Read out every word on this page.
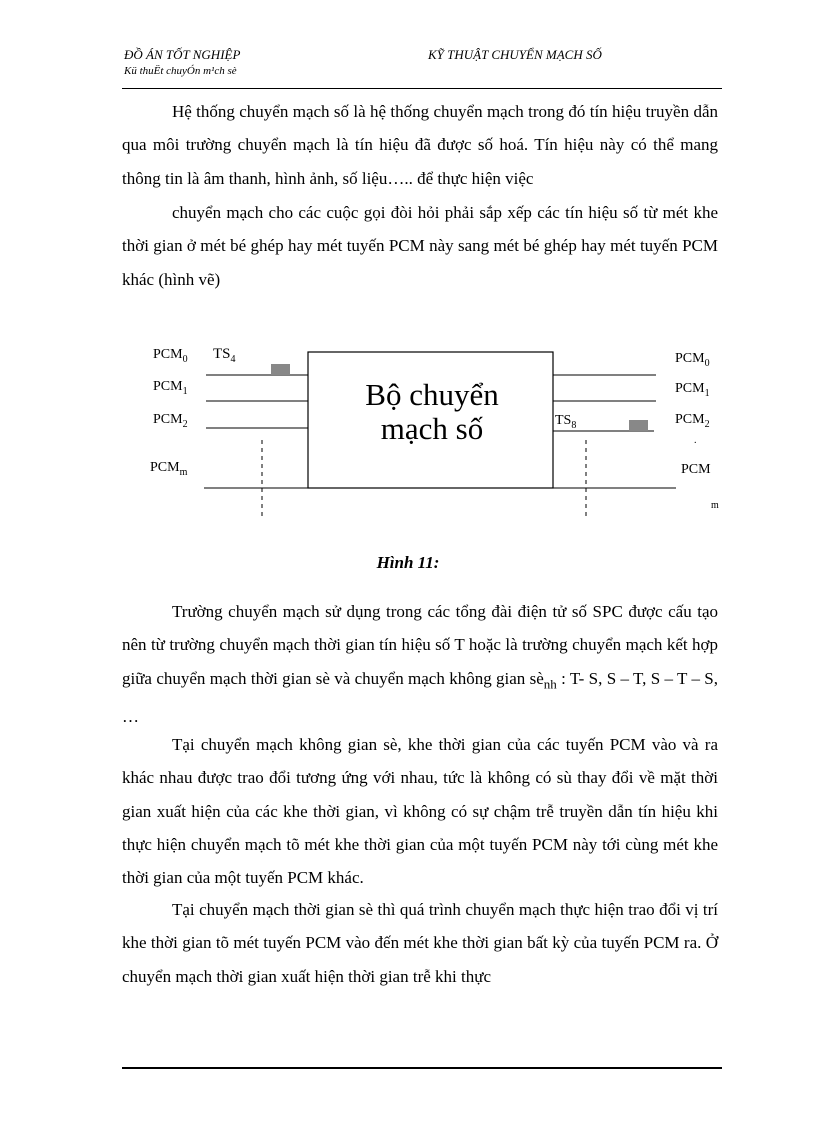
ĐỒ ÁN TỐT NGHIỆP
Kü thuËt chuyÓn m¹ch sè
KỸ THUẬT CHUYỂN MẠCH SỐ

Hệ thống chuyển mạch số là hệ thống chuyển mạch trong đó tín hiệu truyền dẫn qua môi trường chuyển mạch là tín hiệu đã được số hoá. Tín hiệu này có thể mang thông tin là âm thanh, hình ảnh, số liệu….. để thực hiện việc

chuyển mạch cho các cuộc gọi đòi hỏi phải sắp xếp các tín hiệu số từ mét khe thời gian ở mét bé ghép hay mét tuyến PCM này sang mét bé ghép hay mét tuyến PCM khác (hình vẽ)

Bộ chuyển
mạch số
$PCM_0$
$PCM_1$
$PCM_2$
$PCM_m$
$TS_4$	$PCM_0$
$PCM_1$
$PCM_2$
PCM
m
$TS_8$
.
Hình 11:

Trường chuyển mạch sử dụng trong các tổng đài điện tử số SPC được cấu tạo nên từ trường chuyển mạch thời gian tín hiệu số T hoặc là trường chuyển mạch kết hợp giữa chuyển mạch thời gian sè và chuyển mạch không gian $sè_{nh}$ : T- S, S – T, S – T – S, …

Tại chuyển mạch không gian sè, khe thời gian của các tuyến PCM vào và ra khác nhau được trao đổi tương ứng với nhau, tức là không có sù thay đổi về mặt thời gian xuất hiện của các khe thời gian, vì không có sự chậm trễ truyền dẫn tín hiệu khi thực hiện chuyển mạch tõ mét khe thời gian của một tuyến PCM này tới cùng mét khe thời gian của một tuyến PCM khác.

Tại chuyển mạch thời gian sè thì quá trình chuyển mạch thực hiện trao đổi vị trí khe thời gian tõ mét tuyến PCM vào đến mét khe thời gian bất kỳ của tuyến PCM ra. Ở chuyển mạch thời gian xuất hiện thời gian trễ khi thực
